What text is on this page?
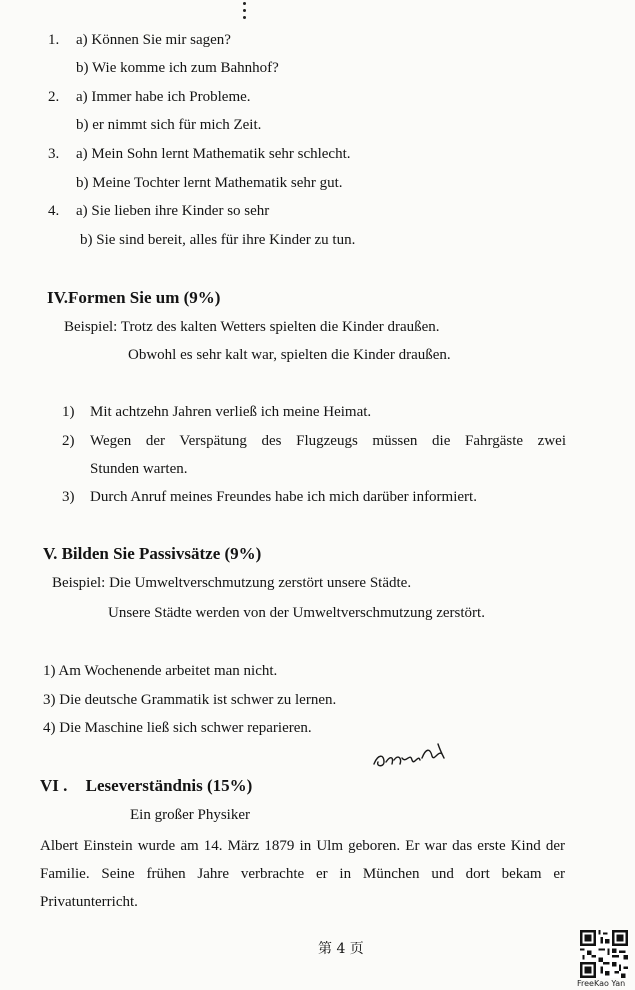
1. a) Können Sie mir sagen?
b) Wie komme ich zum Bahnhof?
2. a) Immer habe ich Probleme.
b) er nimmt sich für mich Zeit.
3. a) Mein Sohn lernt Mathematik sehr schlecht.
b) Meine Tochter lernt Mathematik sehr gut.
4. a) Sie lieben ihre Kinder so sehr
b) Sie sind bereit, alles für ihre Kinder zu tun.
IV.Formen Sie um (9%)
Beispiel: Trotz des kalten Wetters spielten die Kinder draußen.
Obwohl es sehr kalt war, spielten die Kinder draußen.
1) Mit achtzehn Jahren verließ ich meine Heimat.
2) Wegen der Verspätung des Flugzeugs müssen die Fahrgäste zwei
Stunden warten.
3) Durch Anruf meines Freundes habe ich mich darüber informiert.
V. Bilden Sie Passivsätze (9%)
Beispiel: Die Umweltverschmutzung zerstört unsere Städte.
Unsere Städte werden von der Umweltverschmutzung zerstört.
1) Am Wochenende arbeitet man nicht.
3) Die deutsche Grammatik ist schwer zu lernen.
4) Die Maschine ließ sich schwer reparieren.
VI . Leseverständnis (15%)
Ein großer Physiker
Albert Einstein wurde am 14. März 1879 in Ulm geboren. Er war das erste Kind der Familie. Seine frühen Jahre verbrachte er in München und dort bekam er Privatunterricht.
第 4 页
FreeKao Yan
